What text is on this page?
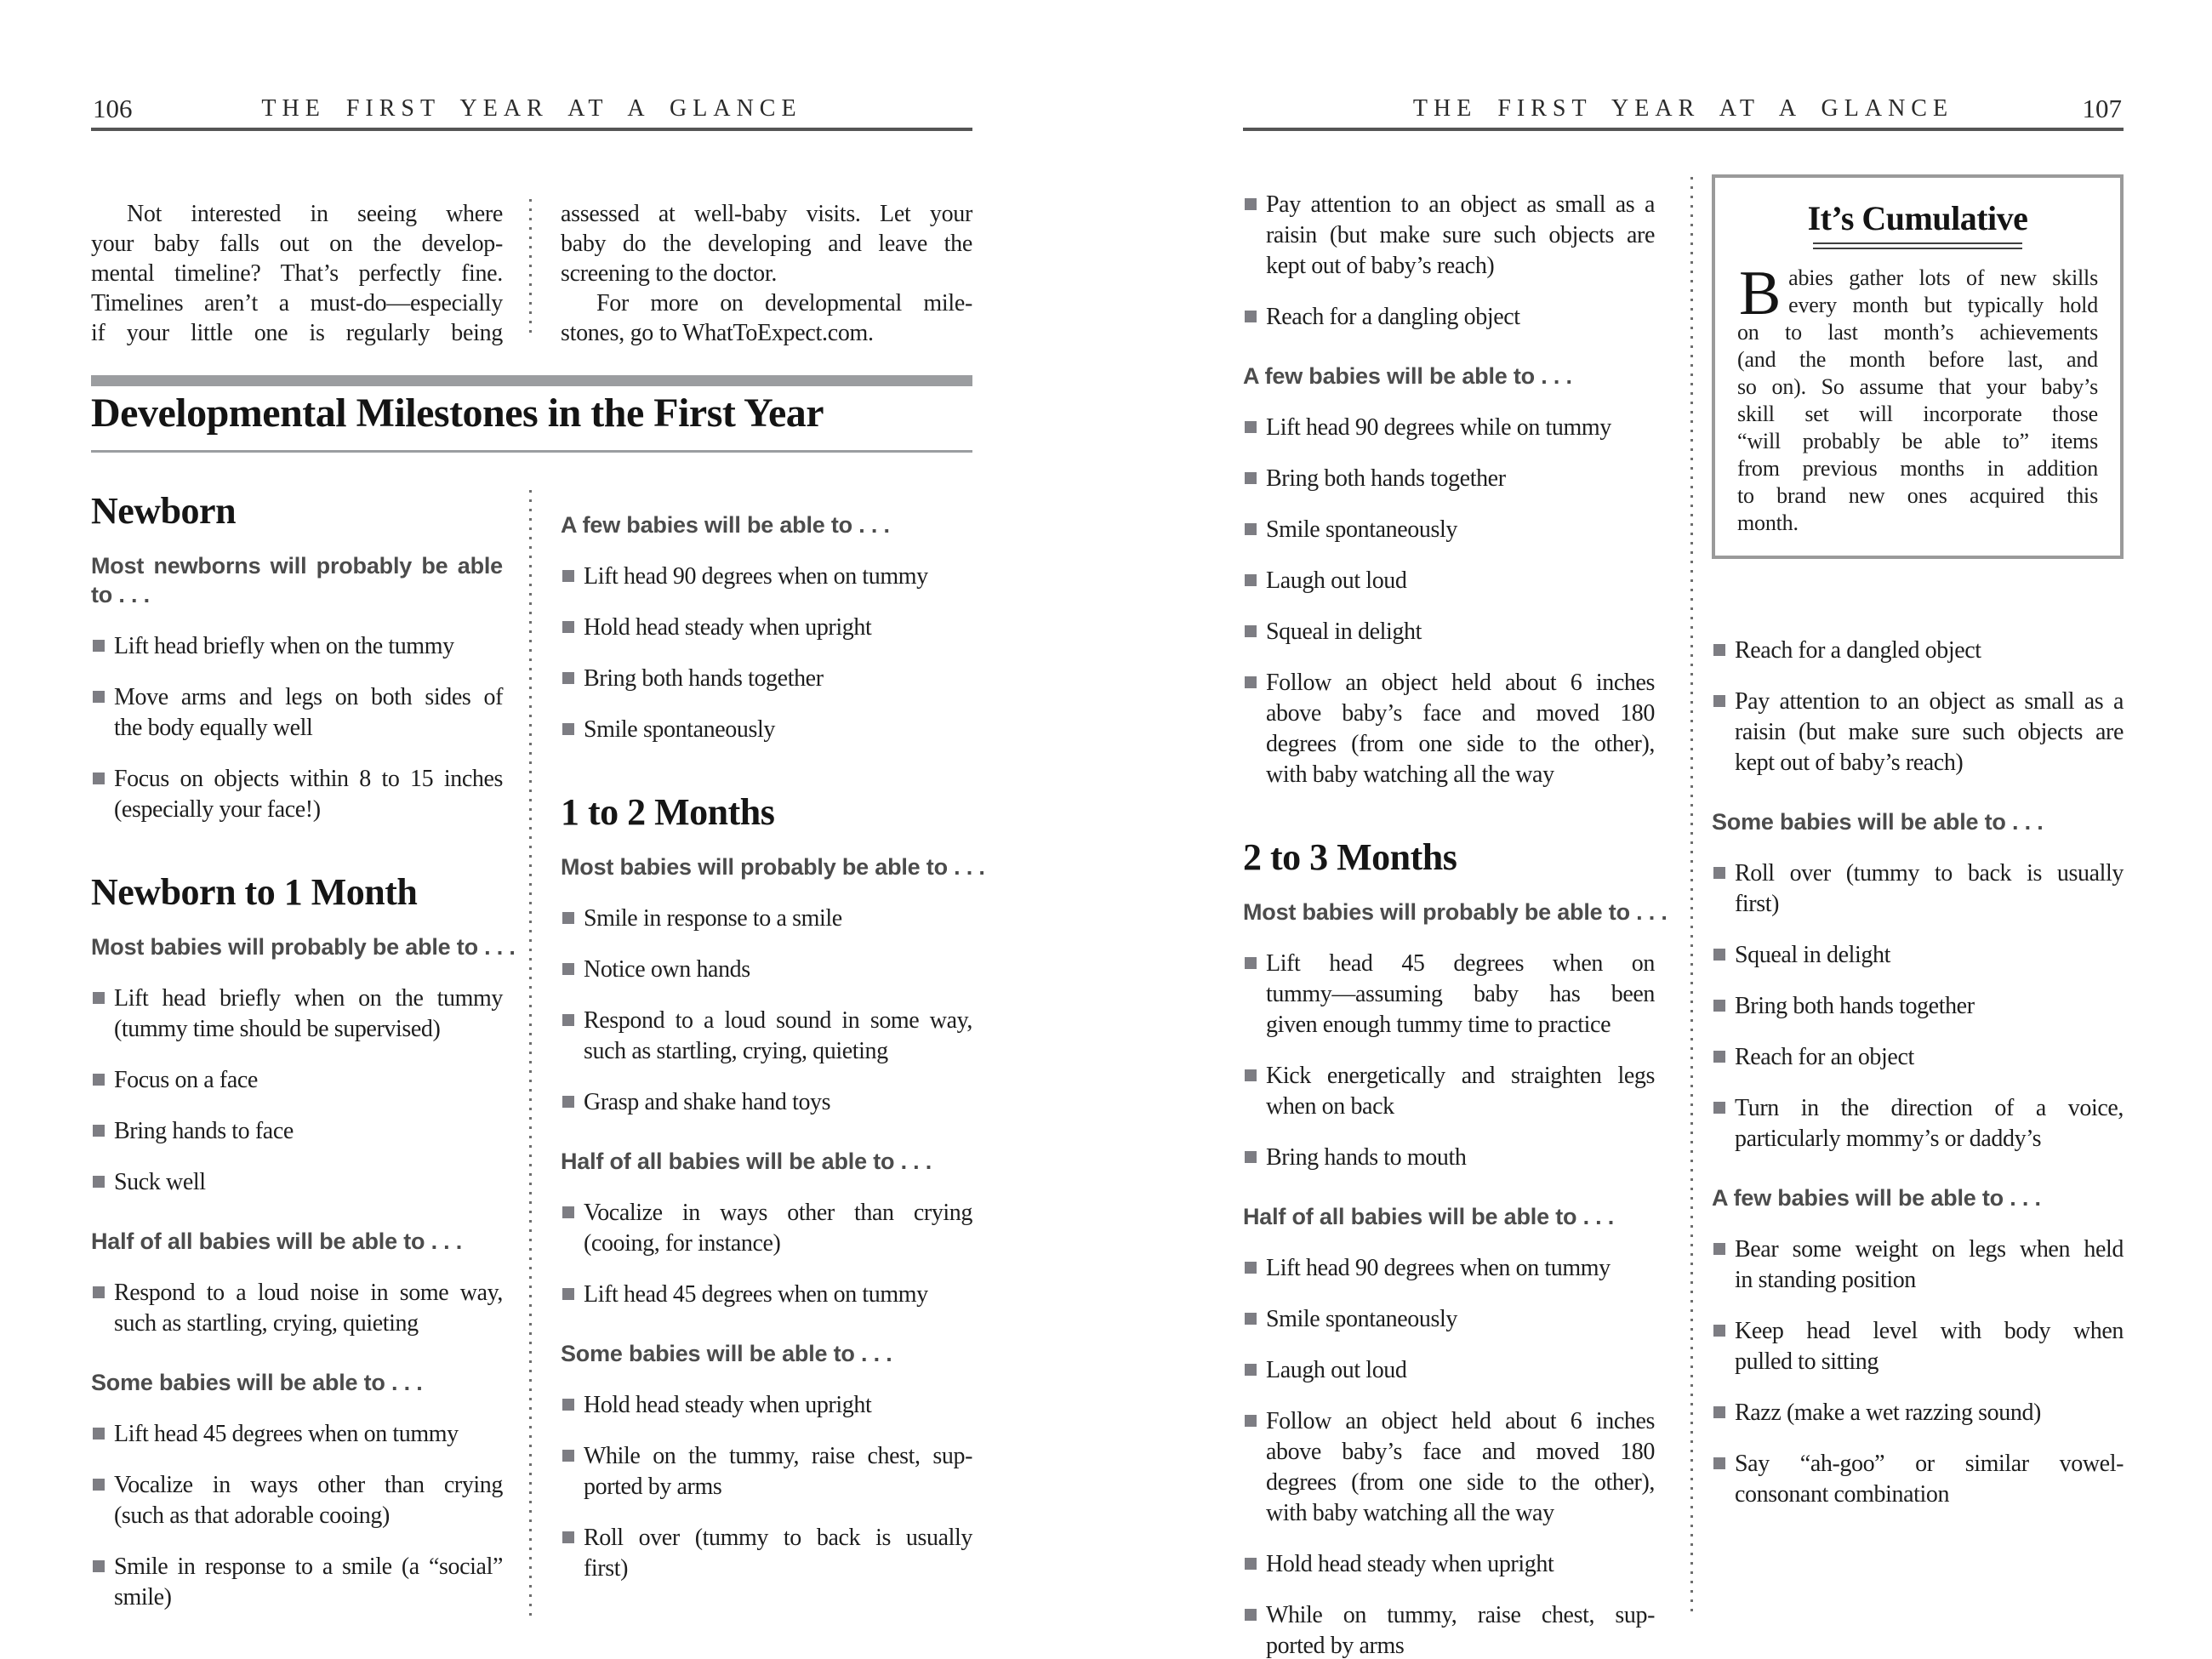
106	THE FIRST YEAR AT A GLANCE
Not interested in seeing where
your baby falls out on the develop-
mental timeline? That’s perfectly fine.
Timelines aren’t a must-do—especially
if your little one is regularly being
assessed at well-baby visits. Let your
baby do the developing and leave the
screening to the doctor.
For more on developmental mile-
stones, go to WhatToExpect.com.
Developmental Milestones in the First Year
Newborn
Most newborns will probably be able
to . . .
Lift head briefly when on the tummy
Move arms and legs on both sides of
the body equally well
Focus on objects within 8 to 15 inches
(especially your face!)
Newborn to 1 Month
Most babies will probably be able to . . .
Lift head briefly when on the tummy
(tummy time should be supervised)
Focus on a face
Bring hands to face
Suck well
Half of all babies will be able to . . .
Respond to a loud noise in some way,
such as startling, crying, quieting
Some babies will be able to . . .
Lift head 45 degrees when on tummy
Vocalize in ways other than crying
(such as that adorable cooing)
Smile in response to a smile (a “social”
smile)
A few babies will be able to . . .
Lift head 90 degrees when on tummy
Hold head steady when upright
Bring both hands together
Smile spontaneously
1 to 2 Months
Most babies will probably be able to . . .
Smile in response to a smile
Notice own hands
Respond to a loud sound in some way,
such as startling, crying, quieting
Grasp and shake hand toys
Half of all babies will be able to . . .
Vocalize in ways other than crying
(cooing, for instance)
Lift head 45 degrees when on tummy
Some babies will be able to . . .
Hold head steady when upright
While on the tummy, raise chest, sup-
ported by arms
Roll over (tummy to back is usually
first)
THE FIRST YEAR AT A GLANCE	107
Pay attention to an object as small as a
raisin (but make sure such objects are
kept out of baby’s reach)
Reach for a dangling object
A few babies will be able to . . .
Lift head 90 degrees while on tummy
Bring both hands together
Smile spontaneously
Laugh out loud
Squeal in delight
Follow an object held about 6 inches
above baby’s face and moved 180
degrees (from one side to the other),
with baby watching all the way
2 to 3 Months
Most babies will probably be able to . . .
Lift head 45 degrees when on
tummy—assuming baby has been
given enough tummy time to practice
Kick energetically and straighten legs
when on back
Bring hands to mouth
Half of all babies will be able to . . .
Lift head 90 degrees when on tummy
Smile spontaneously
Laugh out loud
Follow an object held about 6 inches
above baby’s face and moved 180
degrees (from one side to the other),
with baby watching all the way
Hold head steady when upright
While on tummy, raise chest, sup-
ported by arms
It’s Cumulative
B abies gather lots of new skills
every month but typically hold
on to last month’s achievements
(and the month before last, and
so on). So assume that your baby’s
skill set will incorporate those
“will probably be able to” items
from previous months in addition
to brand new ones acquired this
month.
Reach for a dangled object
Pay attention to an object as small as a
raisin (but make sure such objects are
kept out of baby’s reach)
Some babies will be able to . . .
Roll over (tummy to back is usually
first)
Squeal in delight
Bring both hands together
Reach for an object
Turn in the direction of a voice,
particularly mommy’s or daddy’s
A few babies will be able to . . .
Bear some weight on legs when held
in standing position
Keep head level with body when
pulled to sitting
Razz (make a wet razzing sound)
Say “ah-goo” or similar vowel-
consonant combination
